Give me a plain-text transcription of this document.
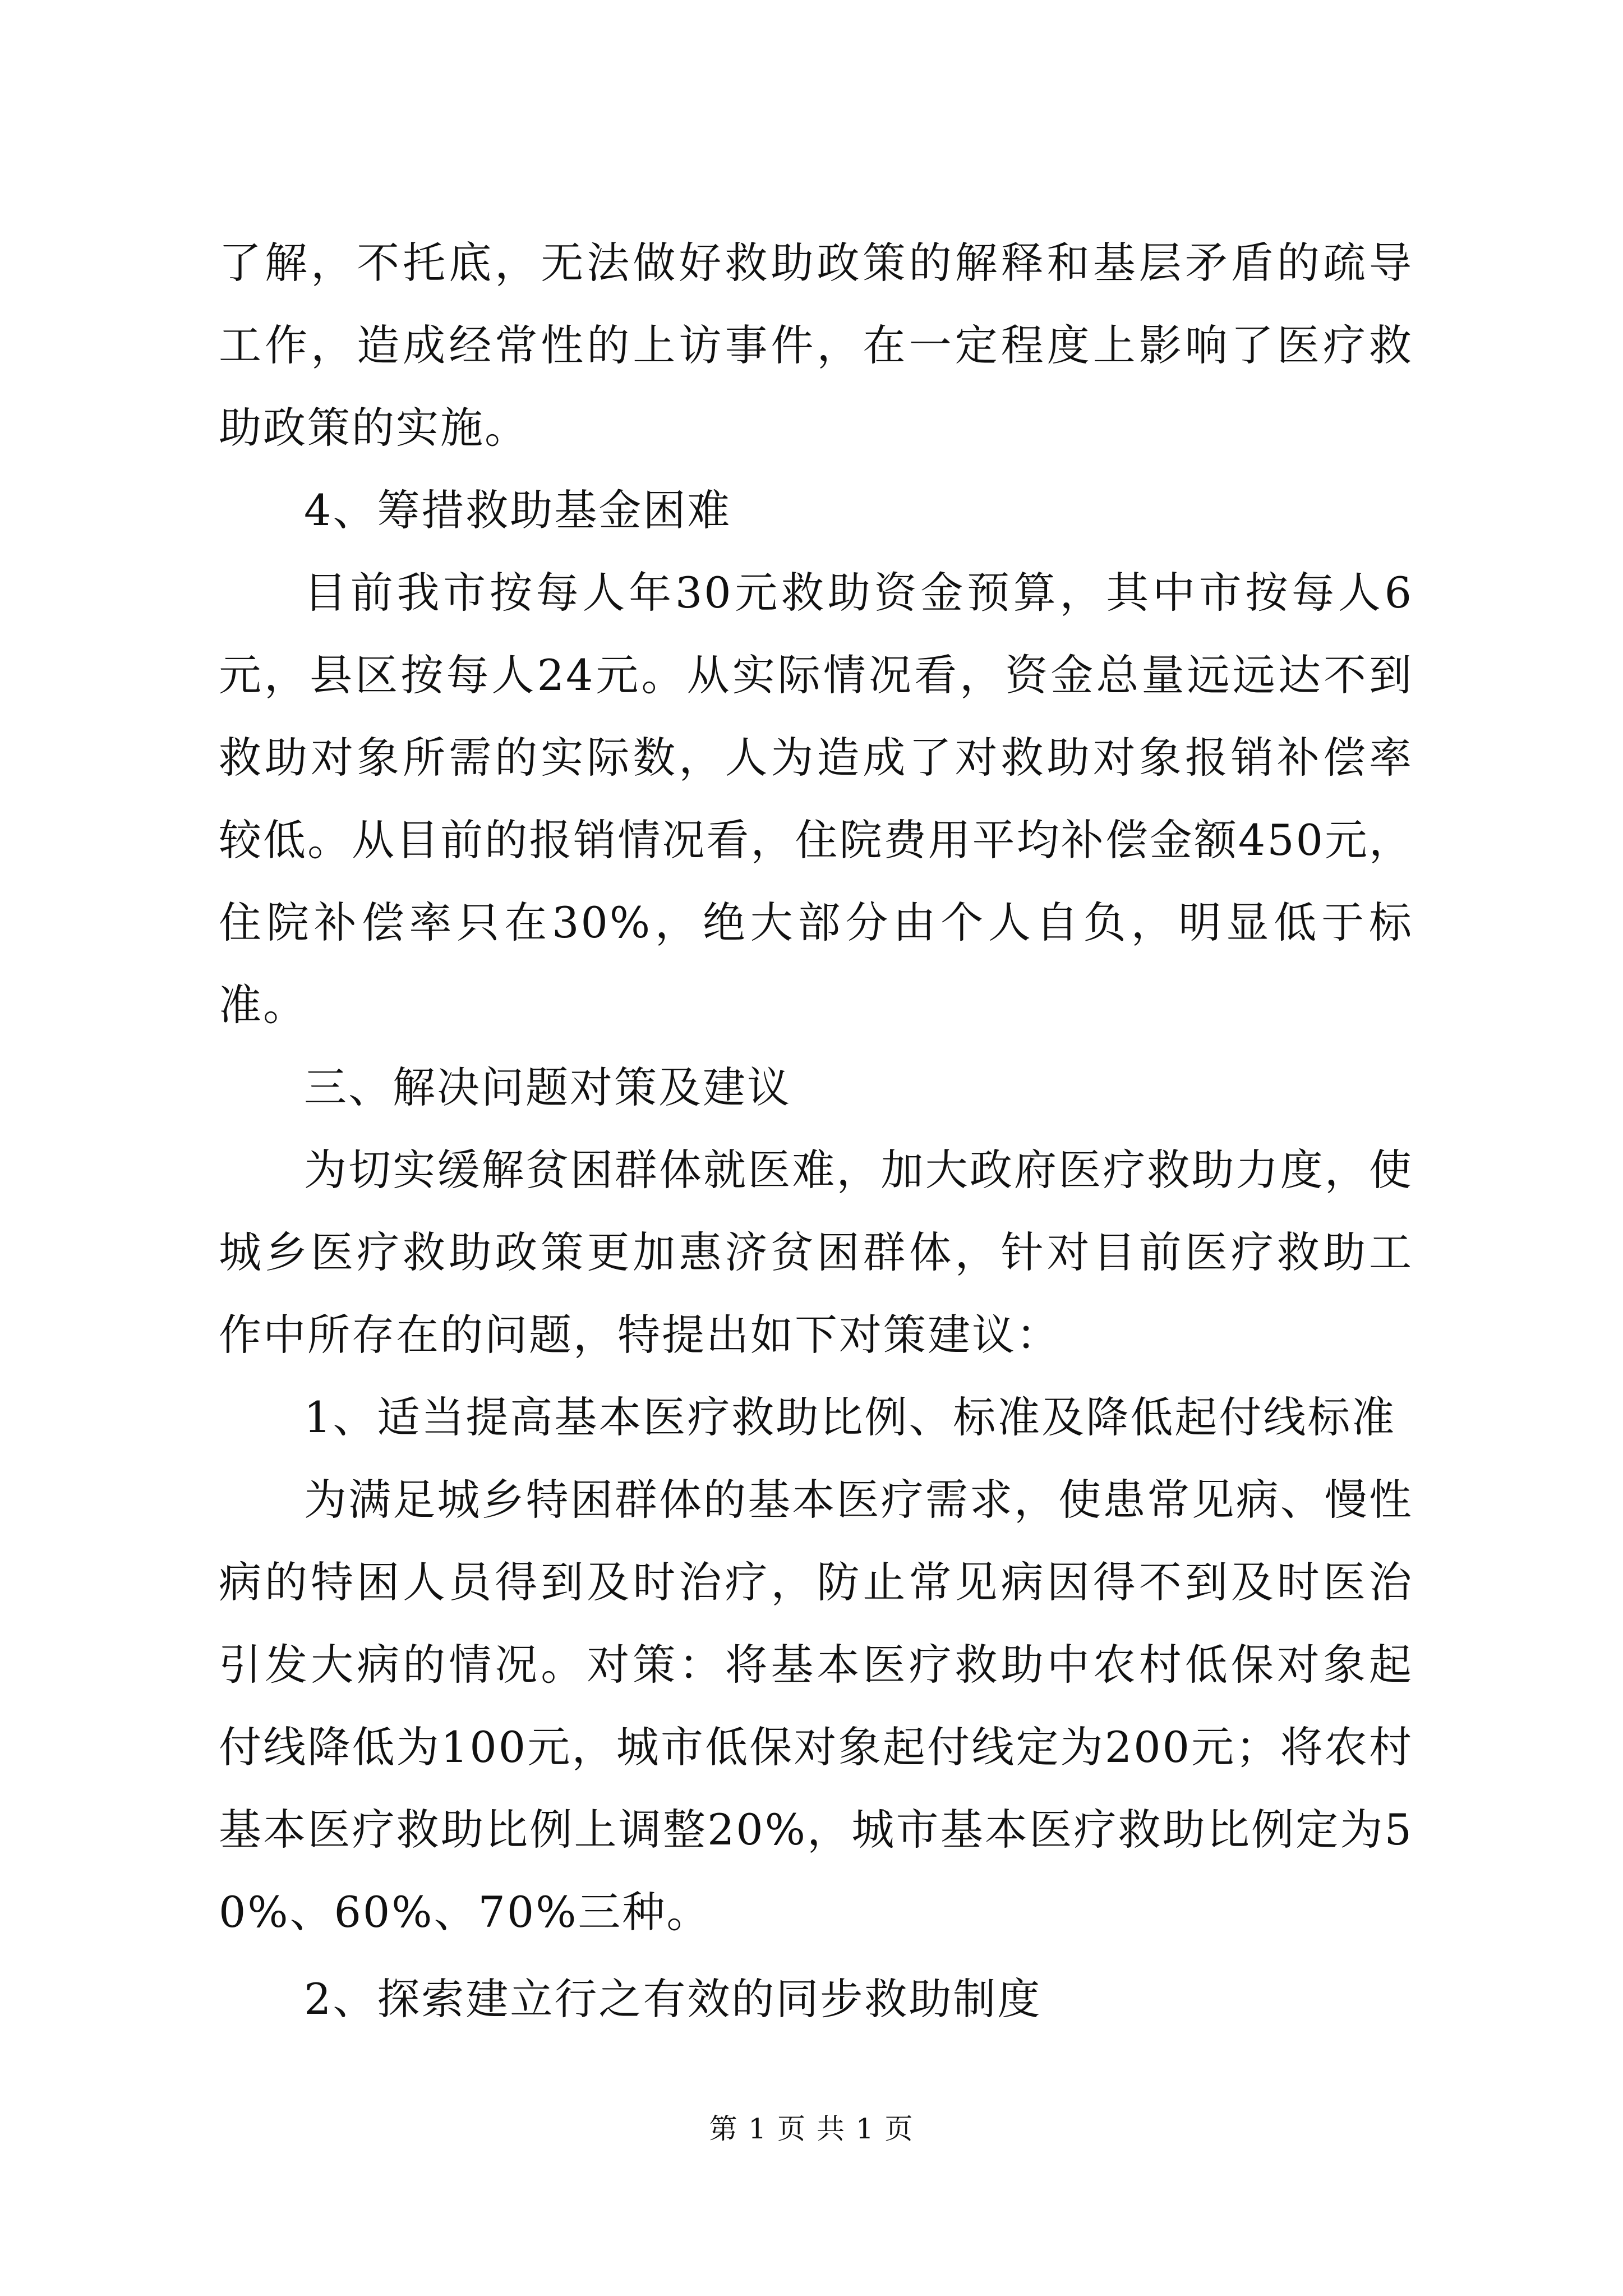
了解，不托底，无法做好救助政策的解释和基层矛盾的疏导工作，造成经常性的上访事件，在一定程度上影响了医疗救助政策的实施。

4、筹措救助基金困难

目前我市按每人年30元救助资金预算，其中市按每人6元，县区按每人24元。从实际情况看，资金总量远远达不到救助对象所需的实际数，人为造成了对救助对象报销补偿率较低。从目前的报销情况看，住院费用平均补偿金额450元，住院补偿率只在30%，绝大部分由个人自负，明显低于标准。

三、解决问题对策及建议

为切实缓解贫困群体就医难，加大政府医疗救助力度，使城乡医疗救助政策更加惠济贫困群体，针对目前医疗救助工作中所存在的问题，特提出如下对策建议：

1、适当提高基本医疗救助比例、标准及降低起付线标准

为满足城乡特困群体的基本医疗需求，使患常见病、慢性病的特困人员得到及时治疗，防止常见病因得不到及时医治引发大病的情况。对策：将基本医疗救助中农村低保对象起付线降低为100元，城市低保对象起付线定为200元；将农村基本医疗救助比例上调整20%，城市基本医疗救助比例定为50%、60%、70%三种。

2、探索建立行之有效的同步救助制度

第 1 页 共 1 页
